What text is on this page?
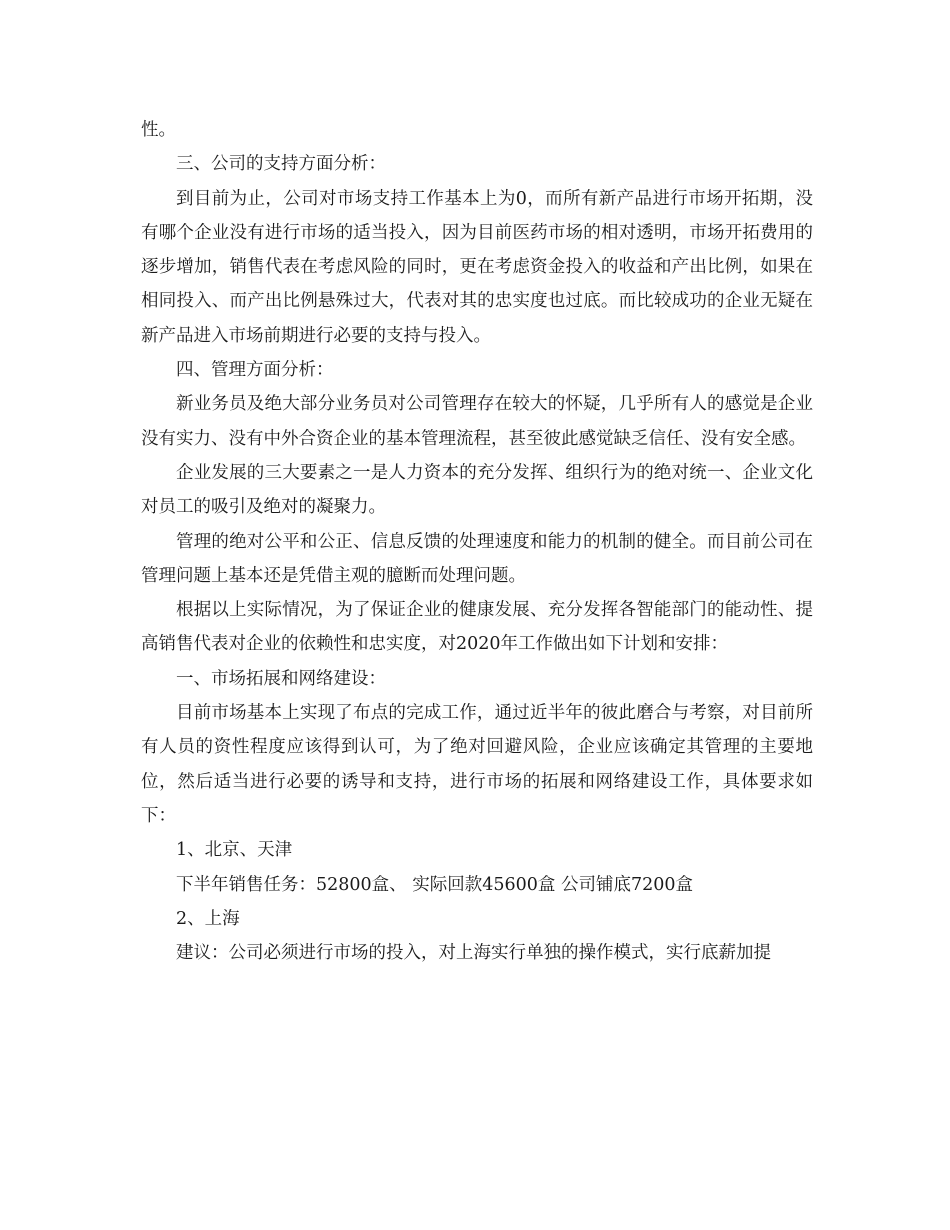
性。

三、公司的支持方面分析：

到目前为止，公司对市场支持工作基本上为0，而所有新产品进行市场开拓期，没有哪个企业没有进行市场的适当投入，因为目前医药市场的相对透明，市场开拓费用的逐步增加，销售代表在考虑风险的同时，更在考虑资金投入的收益和产出比例，如果在相同投入、而产出比例悬殊过大，代表对其的忠实度也过底。而比较成功的企业无疑在新产品进入市场前期进行必要的支持与投入。

四、管理方面分析：

新业务员及绝大部分业务员对公司管理存在较大的怀疑，几乎所有人的感觉是企业没有实力、没有中外合资企业的基本管理流程，甚至彼此感觉缺乏信任、没有安全感。

企业发展的三大要素之一是人力资本的充分发挥、组织行为的绝对统一、企业文化对员工的吸引及绝对的凝聚力。

管理的绝对公平和公正、信息反馈的处理速度和能力的机制的健全。而目前公司在管理问题上基本还是凭借主观的臆断而处理问题。

根据以上实际情况，为了保证企业的健康发展、充分发挥各智能部门的能动性、提高销售代表对企业的依赖性和忠实度，对2020年工作做出如下计划和安排：

一、市场拓展和网络建设：

目前市场基本上实现了布点的完成工作，通过近半年的彼此磨合与考察，对目前所有人员的资性程度应该得到认可，为了绝对回避风险，企业应该确定其管理的主要地位，然后适当进行必要的诱导和支持，进行市场的拓展和网络建设工作，具体要求如下：

1、北京、天津

下半年销售任务：52800盒、 实际回款45600盒 公司铺底7200盒

2、上海

建议：公司必须进行市场的投入，对上海实行单独的操作模式，实行底薪加提
